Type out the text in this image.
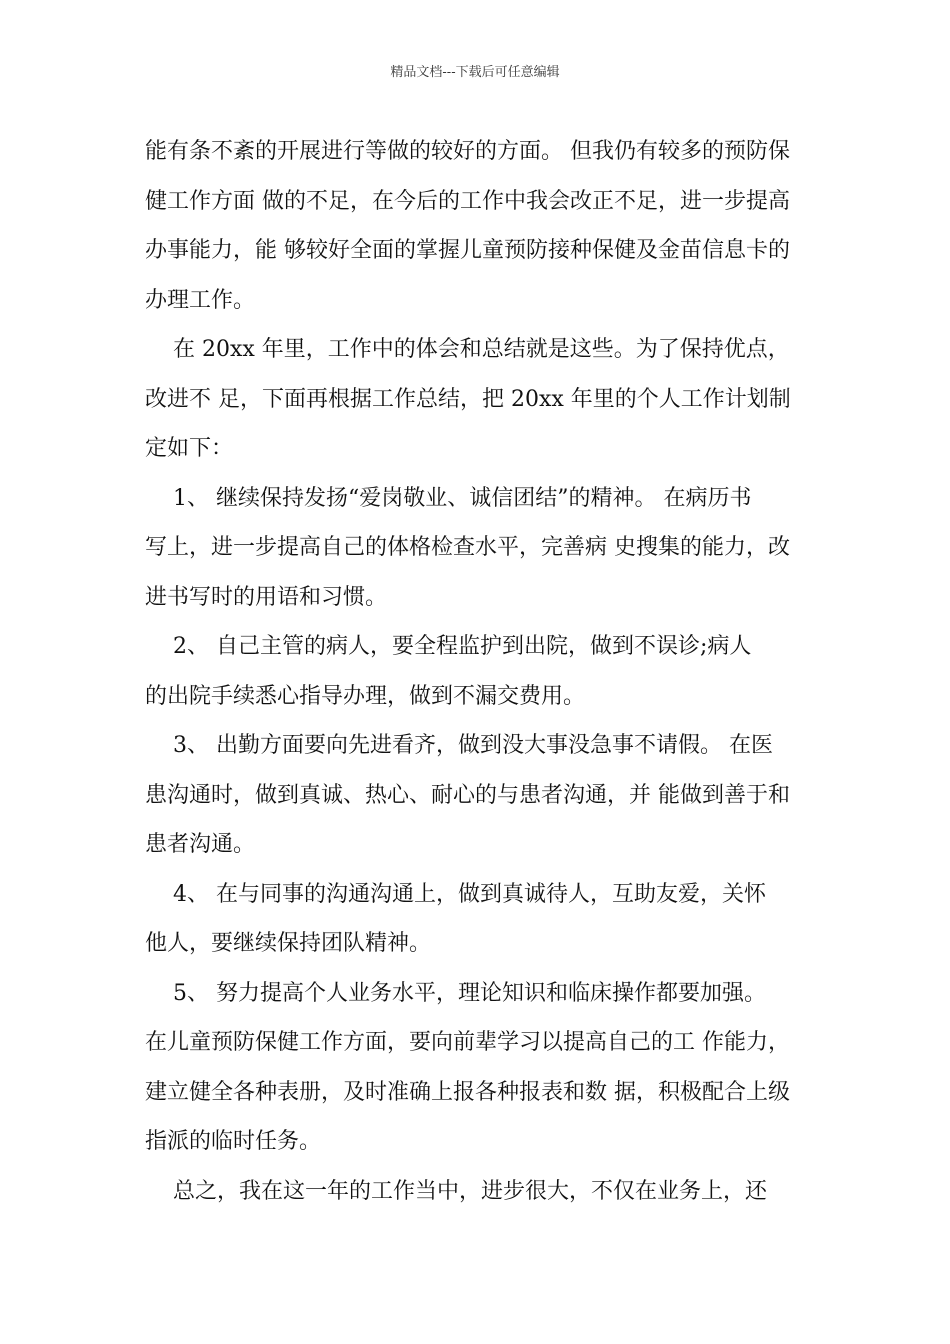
精品文档---下载后可任意编辑
能有条不紊的开展进行等做的较好的方面。 但我仍有较多的预防保
健工作方面 做的不足，在今后的工作中我会改正不足，进一步提高
办事能力，能 够较好全面的掌握儿童预防接种保健及金苗信息卡的
办理工作。
在 20xx 年里，工作中的体会和总结就是这些。为了保持优点，
改进不 足，下面再根据工作总结，把 20xx 年里的个人工作计划制
定如下：
1、 继续保持发扬“爱岗敬业、诚信团结”的精神。 在病历书
写上，进一步提高自己的体格检查水平，完善病 史搜集的能力，改
进书写时的用语和习惯。
2、 自己主管的病人，要全程监护到出院，做到不误诊;病人
的出院手续悉心指导办理，做到不漏交费用。
3、 出勤方面要向先进看齐，做到没大事没急事不请假。 在医
患沟通时，做到真诚、热心、耐心的与患者沟通，并 能做到善于和
患者沟通。
4、 在与同事的沟通沟通上，做到真诚待人，互助友爱，关怀
他人，要继续保持团队精神。
5、 努力提高个人业务水平，理论知识和临床操作都要加强。
在儿童预防保健工作方面，要向前辈学习以提高自己的工 作能力，
建立健全各种表册，及时准确上报各种报表和数 据，积极配合上级
指派的临时任务。
总之，我在这一年的工作当中，进步很大，不仅在业务上，还
